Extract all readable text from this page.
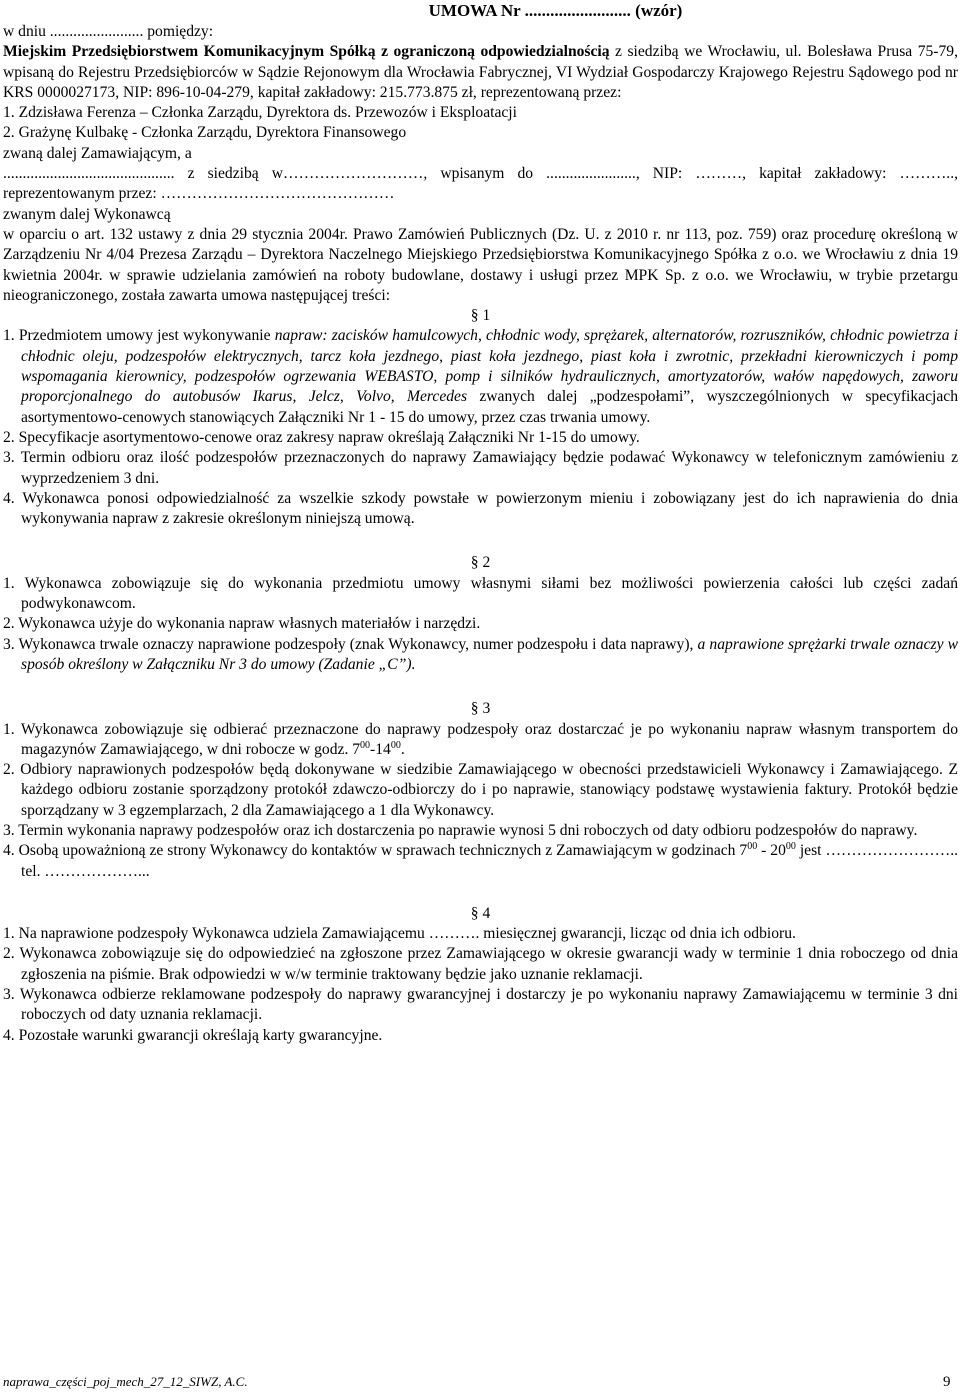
UMOWA Nr ......................... (wzór)

w dniu ........................ pomiędzy:

Miejskim Przedsiębiorstwem Komunikacyjnym Spółką z ograniczoną odpowiedzialnością z siedzibą we Wrocławiu, ul. Bolesława Prusa 75-79, wpisaną do Rejestru Przedsiębiorców w Sądzie Rejonowym dla Wrocławia Fabrycznej, VI Wydział Gospodarczy Krajowego Rejestru Sądowego pod nr KRS 0000027173, NIP: 896-10-04-279, kapitał zakładowy: 215.773.875 zł, reprezentowaną przez:

1. Zdzisława Ferenza – Członka Zarządu, Dyrektora ds. Przewozów i Eksploatacji

2. Grażynę Kulbakę - Członka Zarządu, Dyrektora Finansowego

zwaną dalej Zamawiającym, a

............................................ z siedzibą w………………………, wpisanym do ......................., NIP: ………, kapitał zakładowy: ……….., reprezentowanym przez: ………………………………………

zwanym dalej Wykonawcą

w oparciu o art. 132 ustawy z dnia 29 stycznia 2004r. Prawo Zamówień Publicznych (Dz. U. z 2010 r. nr 113, poz. 759) oraz procedurę określoną w Zarządzeniu Nr 4/04 Prezesa Zarządu – Dyrektora Naczelnego Miejskiego Przedsiębiorstwa Komunikacyjnego Spółka z o.o. we Wrocławiu z dnia 19 kwietnia 2004r. w sprawie udzielania zamówień na roboty budowlane, dostawy i usługi przez MPK Sp. z o.o. we Wrocławiu, w trybie przetargu nieograniczonego, została zawarta umowa następującej treści:

§ 1

1. Przedmiotem umowy jest wykonywanie napraw: zacisków hamulcowych, chłodnic wody, sprężarek, alternatorów, rozruszników, chłodnic powietrza i chłodnic oleju, podzespołów elektrycznych, tarcz koła jezdnego, piast koła jezdnego, piast koła i zwrotnic, przekładni kierowniczych i pomp wspomagania kierownicy, podzespołów ogrzewania WEBASTO, pomp i silników hydraulicznych, amortyzatorów, wałów napędowych, zaworu proporcjonalnego do autobusów Ikarus, Jelcz, Volvo, Mercedes zwanych dalej „podzespołami”, wyszczególnionych w specyfikacjach asortymentowo-cenowych stanowiących Załączniki Nr 1 - 15 do umowy, przez czas trwania umowy.

2. Specyfikacje asortymentowo-cenowe oraz zakresy napraw określają Załączniki Nr 1-15 do umowy.

3. Termin odbioru oraz ilość podzespołów przeznaczonych do naprawy Zamawiający będzie podawać Wykonawcy w telefonicznym zamówieniu z wyprzedzeniem 3 dni.

4. Wykonawca ponosi odpowiedzialność za wszelkie szkody powstałe w powierzonym mieniu i zobowiązany jest do ich naprawienia do dnia wykonywania napraw z zakresie określonym niniejszą umową.

§ 2

1. Wykonawca zobowiązuje się do wykonania przedmiotu umowy własnymi siłami bez możliwości powierzenia całości lub części zadań podwykonawcom.

2. Wykonawca użyje do wykonania napraw własnych materiałów i narzędzi.

3. Wykonawca trwale oznaczy naprawione podzespoły (znak Wykonawcy, numer podzespołu i data naprawy), a naprawione sprężarki trwale oznaczy w sposób określony w Załączniku Nr 3 do umowy (Zadanie „C”).

§ 3

1. Wykonawca zobowiązuje się odbierać przeznaczone do naprawy podzespoły oraz dostarczać je po wykonaniu napraw własnym transportem do magazynów Zamawiającego, w dni robocze w godz. $7^{00}-14^{00}$.

2. Odbiory naprawionych podzespołów będą dokonywane w siedzibie Zamawiającego w obecności przedstawicieli Wykonawcy i Zamawiającego. Z każdego odbioru zostanie sporządzony protokół zdawczo-odbiorczy do i po naprawie, stanowiący podstawę wystawienia faktury. Protokół będzie sporządzany w 3 egzemplarzach, 2 dla Zamawiającego a 1 dla Wykonawcy.

3. Termin wykonania naprawy podzespołów oraz ich dostarczenia po naprawie wynosi 5 dni roboczych od daty odbioru podzespołów do naprawy.

4. Osobą upoważnioną ze strony Wykonawcy do kontaktów w sprawach technicznych z Zamawiającym w godzinach $7^{00} - 20^{00}$ jest …………………….. tel. ………………...

§ 4

1. Na naprawione podzespoły Wykonawca udziela Zamawiającemu ………. miesięcznej gwarancji, licząc od dnia ich odbioru.

2. Wykonawca zobowiązuje się do odpowiedzieć na zgłoszone przez Zamawiającego w okresie gwarancji wady w terminie 1 dnia roboczego od dnia zgłoszenia na piśmie. Brak odpowiedzi w w/w terminie traktowany będzie jako uznanie reklamacji.

3. Wykonawca odbierze reklamowane podzespoły do naprawy gwarancyjnej i dostarczy je po wykonaniu naprawy Zamawiającemu w terminie 3 dni roboczych od daty uznania reklamacji.

4. Pozostałe warunki gwarancji określają karty gwarancyjne.

naprawa_części_poj_mech_27_12_SIWZ, A.C.	9
